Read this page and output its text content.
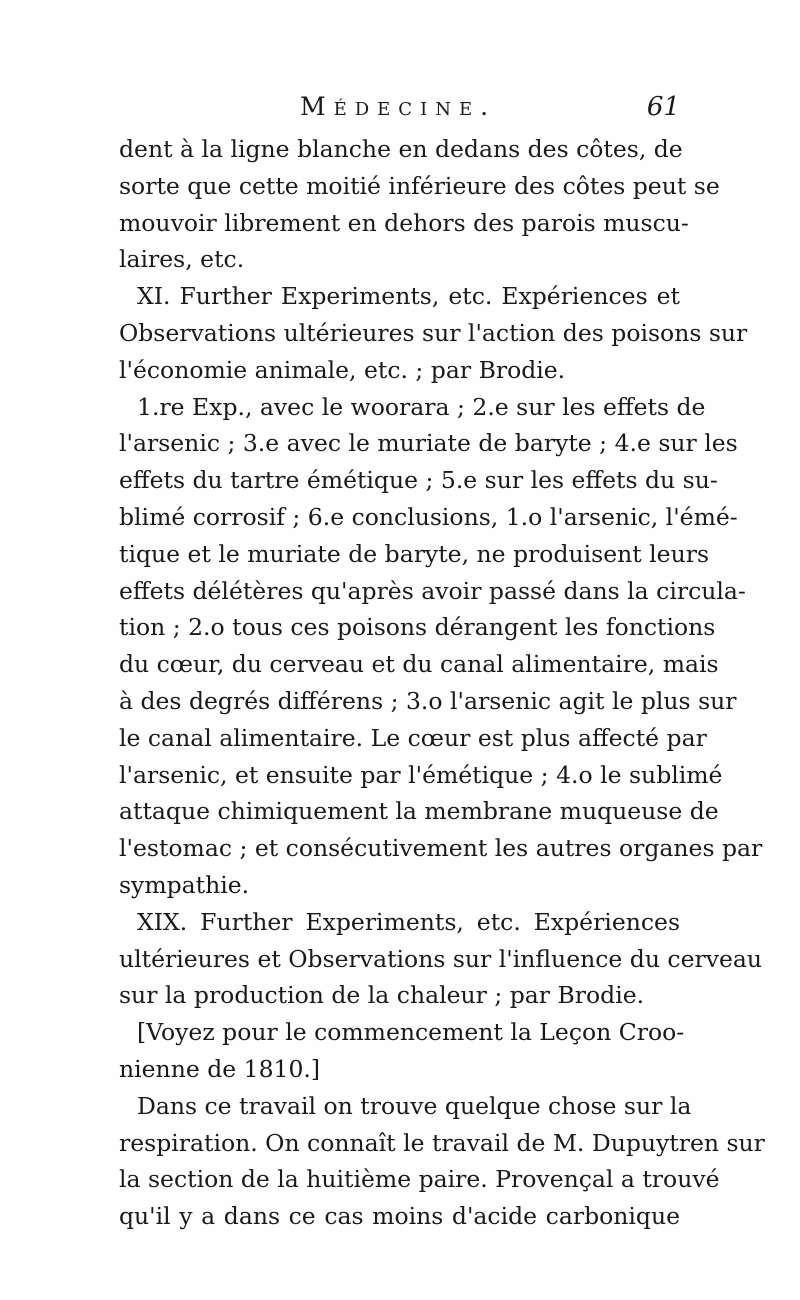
Médecine.	61
dent à la ligne blanche en dedans des côtes, de
sorte que cette moitié inférieure des côtes peut se
mouvoir librement en dehors des parois muscu-
laires, etc.
XI. Further Experiments, etc. Expériences et
Observations ultérieures sur l'action des poisons sur
l'économie animale, etc. ; par Brodie.
1.re Exp., avec le woorara ; 2.e sur les effets de
l'arsenic ; 3.e avec le muriate de baryte ; 4.e sur les
effets du tartre émétique ; 5.e sur les effets du su-
blimé corrosif ; 6.e conclusions, 1.o l'arsenic, l'émé-
tique et le muriate de baryte, ne produisent leurs
effets délétères qu'après avoir passé dans la circula-
tion ; 2.o tous ces poisons dérangent les fonctions
du cœur, du cerveau et du canal alimentaire, mais
à des degrés différens ; 3.o l'arsenic agit le plus sur
le canal alimentaire. Le cœur est plus affecté par
l'arsenic, et ensuite par l'émétique ; 4.o le sublimé
attaque chimiquement la membrane muqueuse de
l'estomac ; et consécutivement les autres organes par
sympathie.
XIX. Further Experiments, etc. Expériences
ultérieures et Observations sur l'influence du cerveau
sur la production de la chaleur ; par Brodie.
[Voyez pour le commencement la Leçon Croo-
nienne de 1810.]
Dans ce travail on trouve quelque chose sur la
respiration. On connaît le travail de M. Dupuytren sur
la section de la huitième paire. Provençal a trouvé
qu'il y a dans ce cas moins d'acide carbonique
